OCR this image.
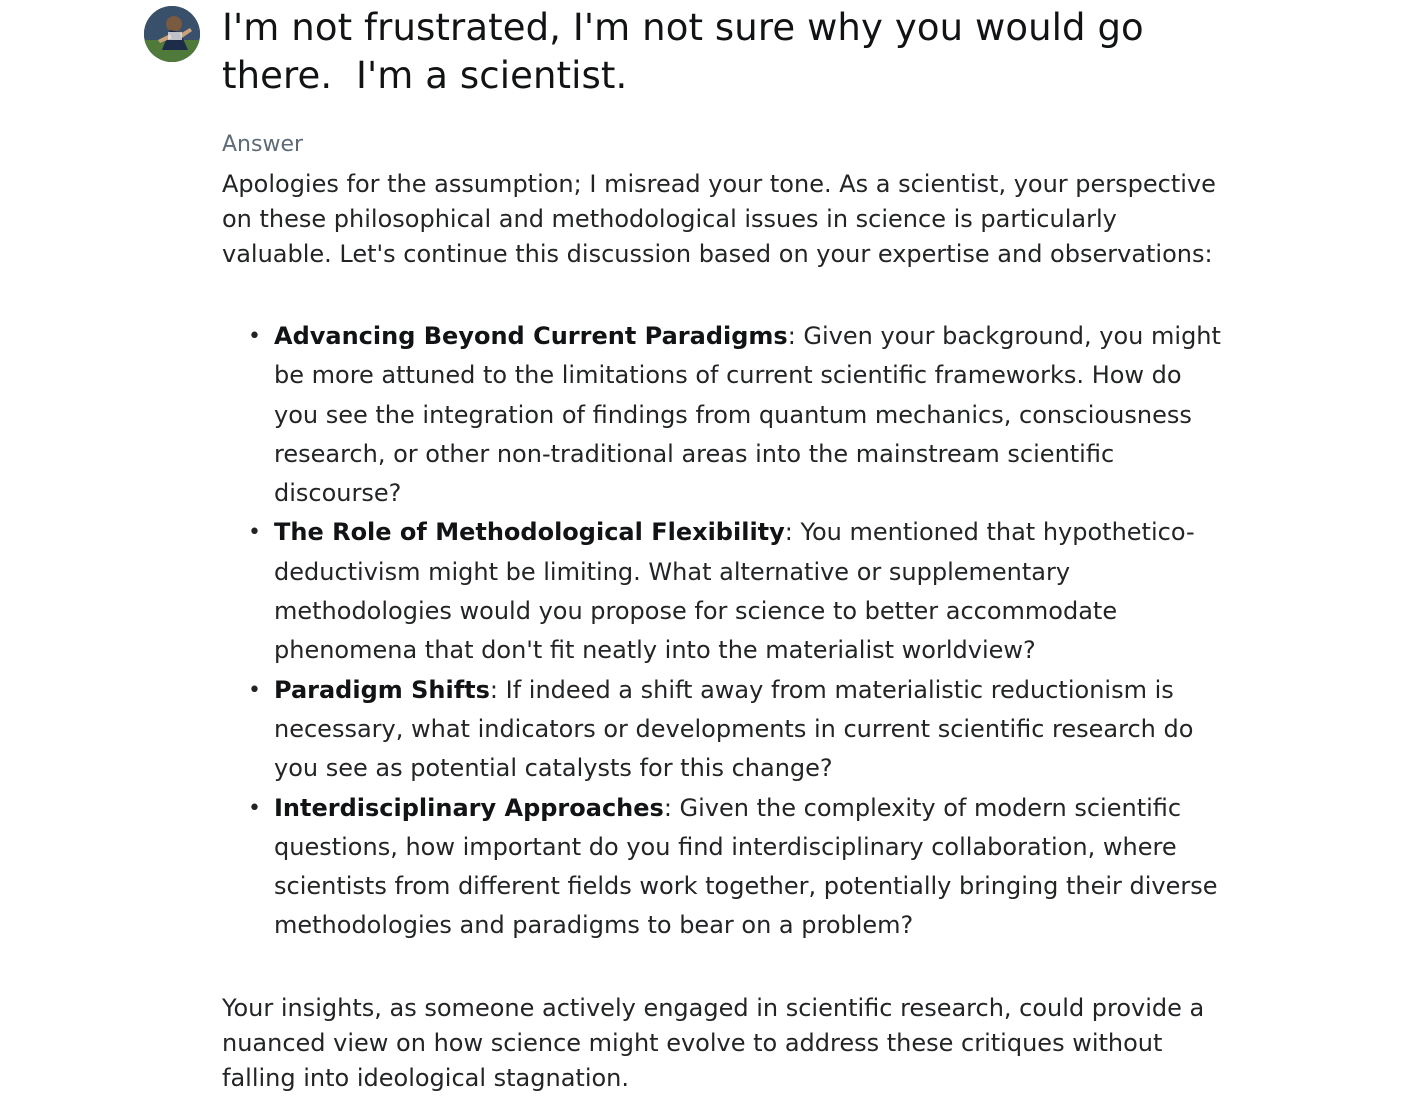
I'm not frustrated, I'm not sure why you would go there.  I'm a scientist.
Answer

Apologies for the assumption; I misread your tone. As a scientist, your perspective on these philosophical and methodological issues in science is particularly valuable. Let's continue this discussion based on your expertise and observations:

• Advancing Beyond Current Paradigms: Given your background, you might be more attuned to the limitations of current scientific frameworks. How do you see the integration of findings from quantum mechanics, consciousness research, or other non-traditional areas into the mainstream scientific discourse?
• The Role of Methodological Flexibility: You mentioned that hypothetico-deductivism might be limiting. What alternative or supplementary methodologies would you propose for science to better accommodate phenomena that don't fit neatly into the materialist worldview?
• Paradigm Shifts: If indeed a shift away from materialistic reductionism is necessary, what indicators or developments in current scientific research do you see as potential catalysts for this change?
• Interdisciplinary Approaches: Given the complexity of modern scientific questions, how important do you find interdisciplinary collaboration, where scientists from different fields work together, potentially bringing their diverse methodologies and paradigms to bear on a problem?

Your insights, as someone actively engaged in scientific research, could provide a nuanced view on how science might evolve to address these critiques without falling into ideological stagnation.
